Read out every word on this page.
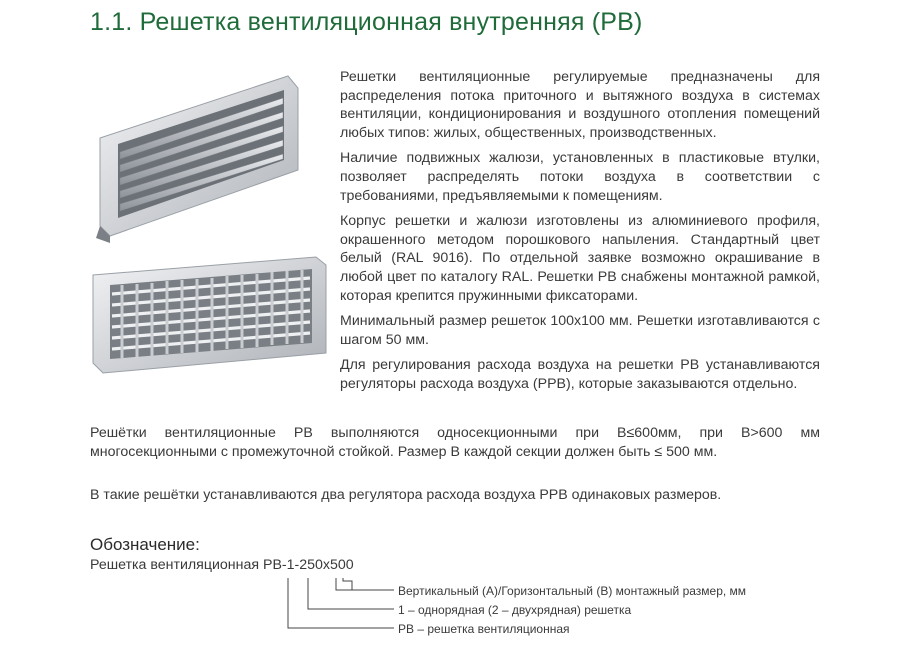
1.1. Решетка вентиляционная внутренняя (РВ)

Решетки вентиляционные регулируемые предназначены для распределения потока приточного и вытяжного воздуха в системах вентиляции, кондиционирования и воздушного отопления помещений любых типов: жилых, общественных, производственных.

Наличие подвижных жалюзи, установленных в пластиковые втулки, позволяет распределять потоки воздуха в соответствии с требованиями, предъявляемыми к помещениям.

Корпус решетки и жалюзи изготовлены из алюминиевого профиля, окрашенного методом порошкового напыления. Стандартный цвет белый (RAL 9016). По отдельной заявке возможно окрашивание в любой цвет по каталогу RAL. Решетки РВ снабжены монтажной рамкой, которая крепится пружинными фиксаторами.

Минимальный размер решеток 100х100 мм. Решетки изготавливаются с шагом 50 мм.

Для регулирования расхода воздуха на решетки РВ устанавливаются регуляторы расхода воздуха (РРВ), которые заказываются отдельно.

Решётки вентиляционные РВ выполняются односекционными при В≤600мм, при В>600 мм многосекционными с промежуточной стойкой. Размер В каждой секции должен быть ≤ 500 мм.
В такие решётки устанавливаются два регулятора расхода воздуха РРВ одинаковых размеров.
Обозначение:
Решетка вентиляционная РВ-1-250х500
Вертикальный (А)/Горизонтальный (В) монтажный размер, мм
1 – однорядная (2 – двухрядная) решетка
РВ – решетка вентиляционная
